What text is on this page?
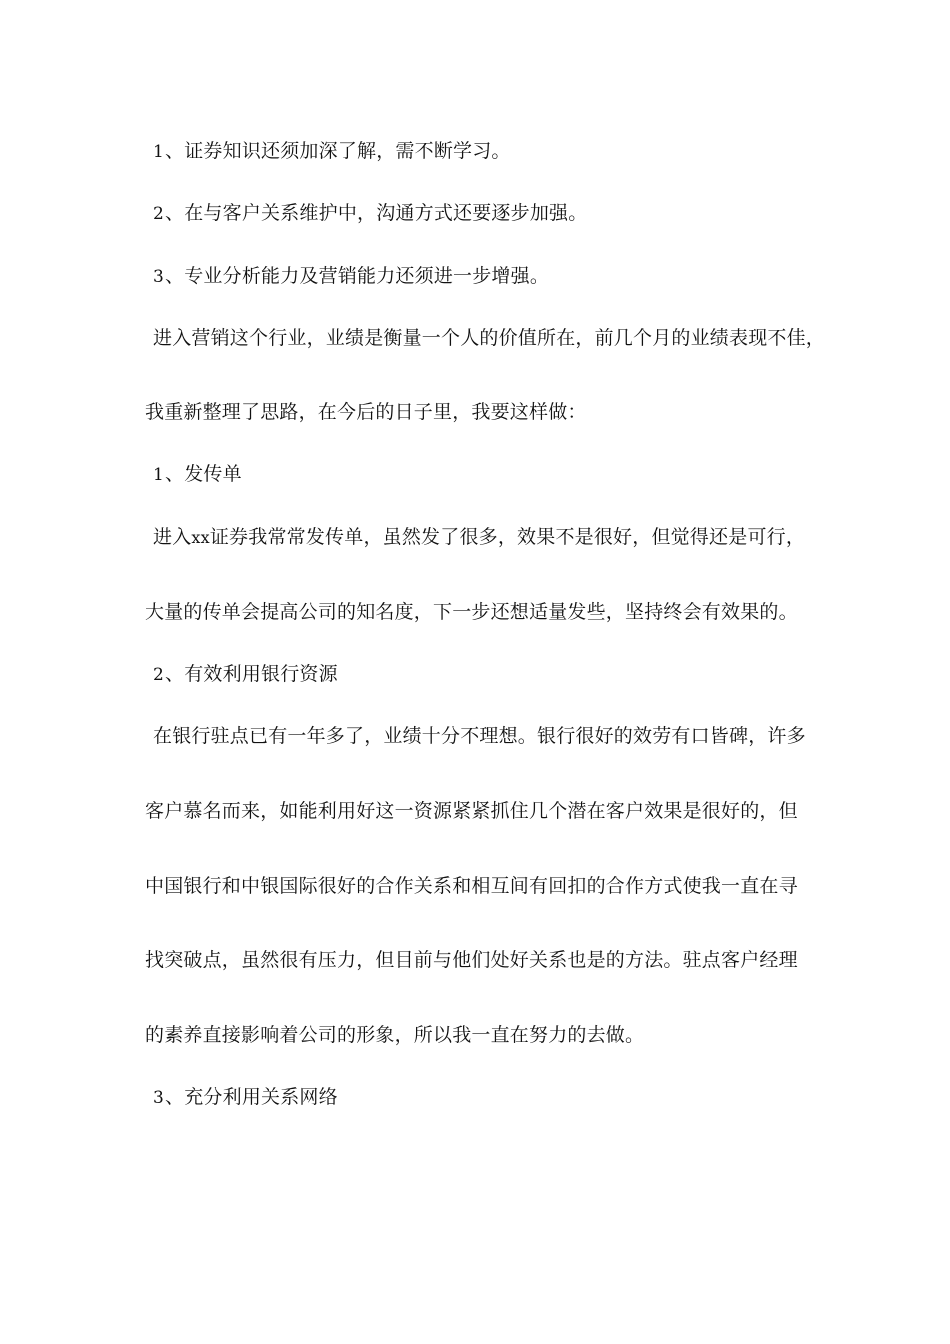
1、证券知识还须加深了解，需不断学习。
2、在与客户关系维护中，沟通方式还要逐步加强。
3、专业分析能力及营销能力还须进一步增强。
进入营销这个行业，业绩是衡量一个人的价值所在，前几个月的业绩表现不佳，
我重新整理了思路，在今后的日子里，我要这样做：
1、发传单
进入xx证券我常常发传单，虽然发了很多，效果不是很好，但觉得还是可行，
大量的传单会提高公司的知名度，下一步还想适量发些，坚持终会有效果的。
2、有效利用银行资源
在银行驻点已有一年多了，业绩十分不理想。银行很好的效劳有口皆碑，许多
客户慕名而来，如能利用好这一资源紧紧抓住几个潜在客户效果是很好的，但
中国银行和中银国际很好的合作关系和相互间有回扣的合作方式使我一直在寻
找突破点，虽然很有压力，但目前与他们处好关系也是的方法。驻点客户经理
的素养直接影响着公司的形象，所以我一直在努力的去做。
3、充分利用关系网络
